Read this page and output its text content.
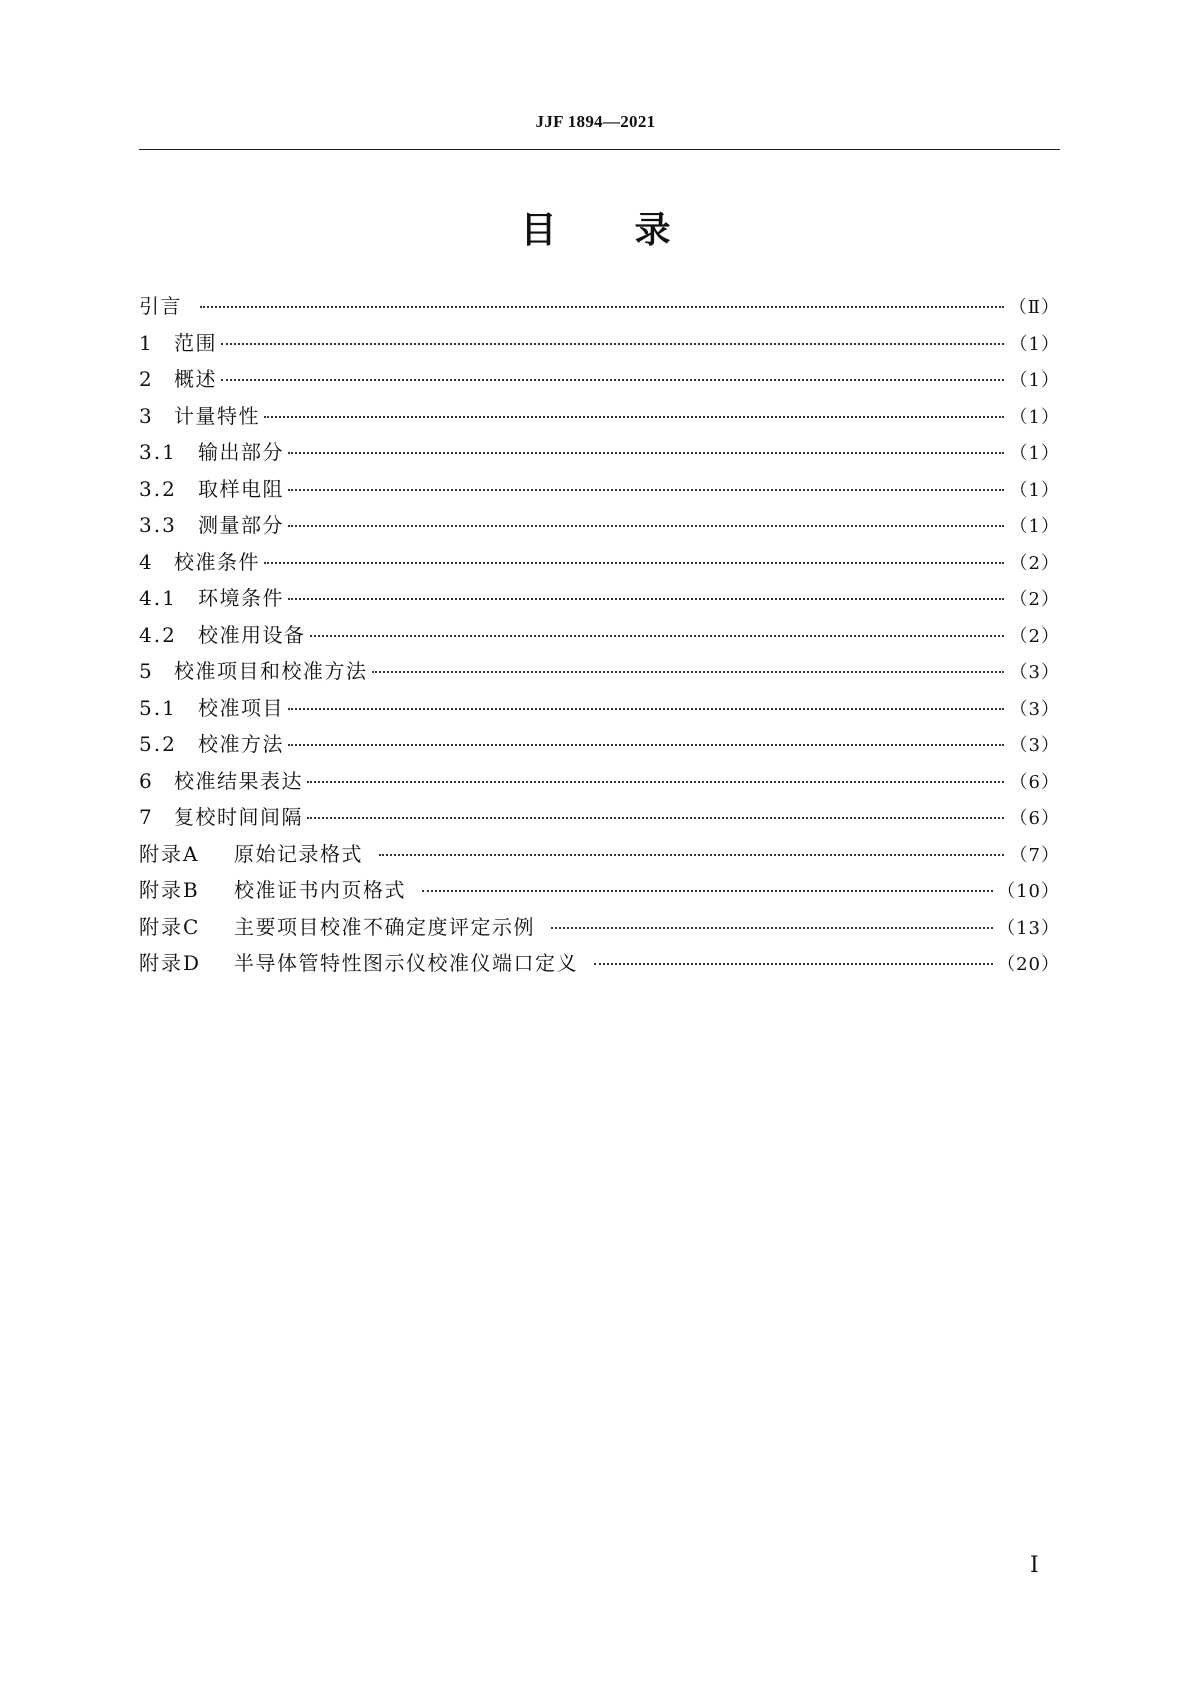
JJF 1894—2021
目录
引言	（Ⅱ）
1	范围	（1）
2	概述	（1）
3	计量特性	（1）
3.1	输出部分	（1）
3.2	取样电阻	（1）
3.3	测量部分	（1）
4	校准条件	（2）
4.1	环境条件	（2）
4.2	校准用设备	（2）
5	校准项目和校准方法	（3）
5.1	校准项目	（3）
5.2	校准方法	（3）
6	校准结果表达	（6）
7	复校时间间隔	（6）
附录A	原始记录格式	（7）
附录B	校准证书内页格式	（10）
附录C	主要项目校准不确定度评定示例	（13）
附录D	半导体管特性图示仪校准仪端口定义	（20）
Ⅰ
